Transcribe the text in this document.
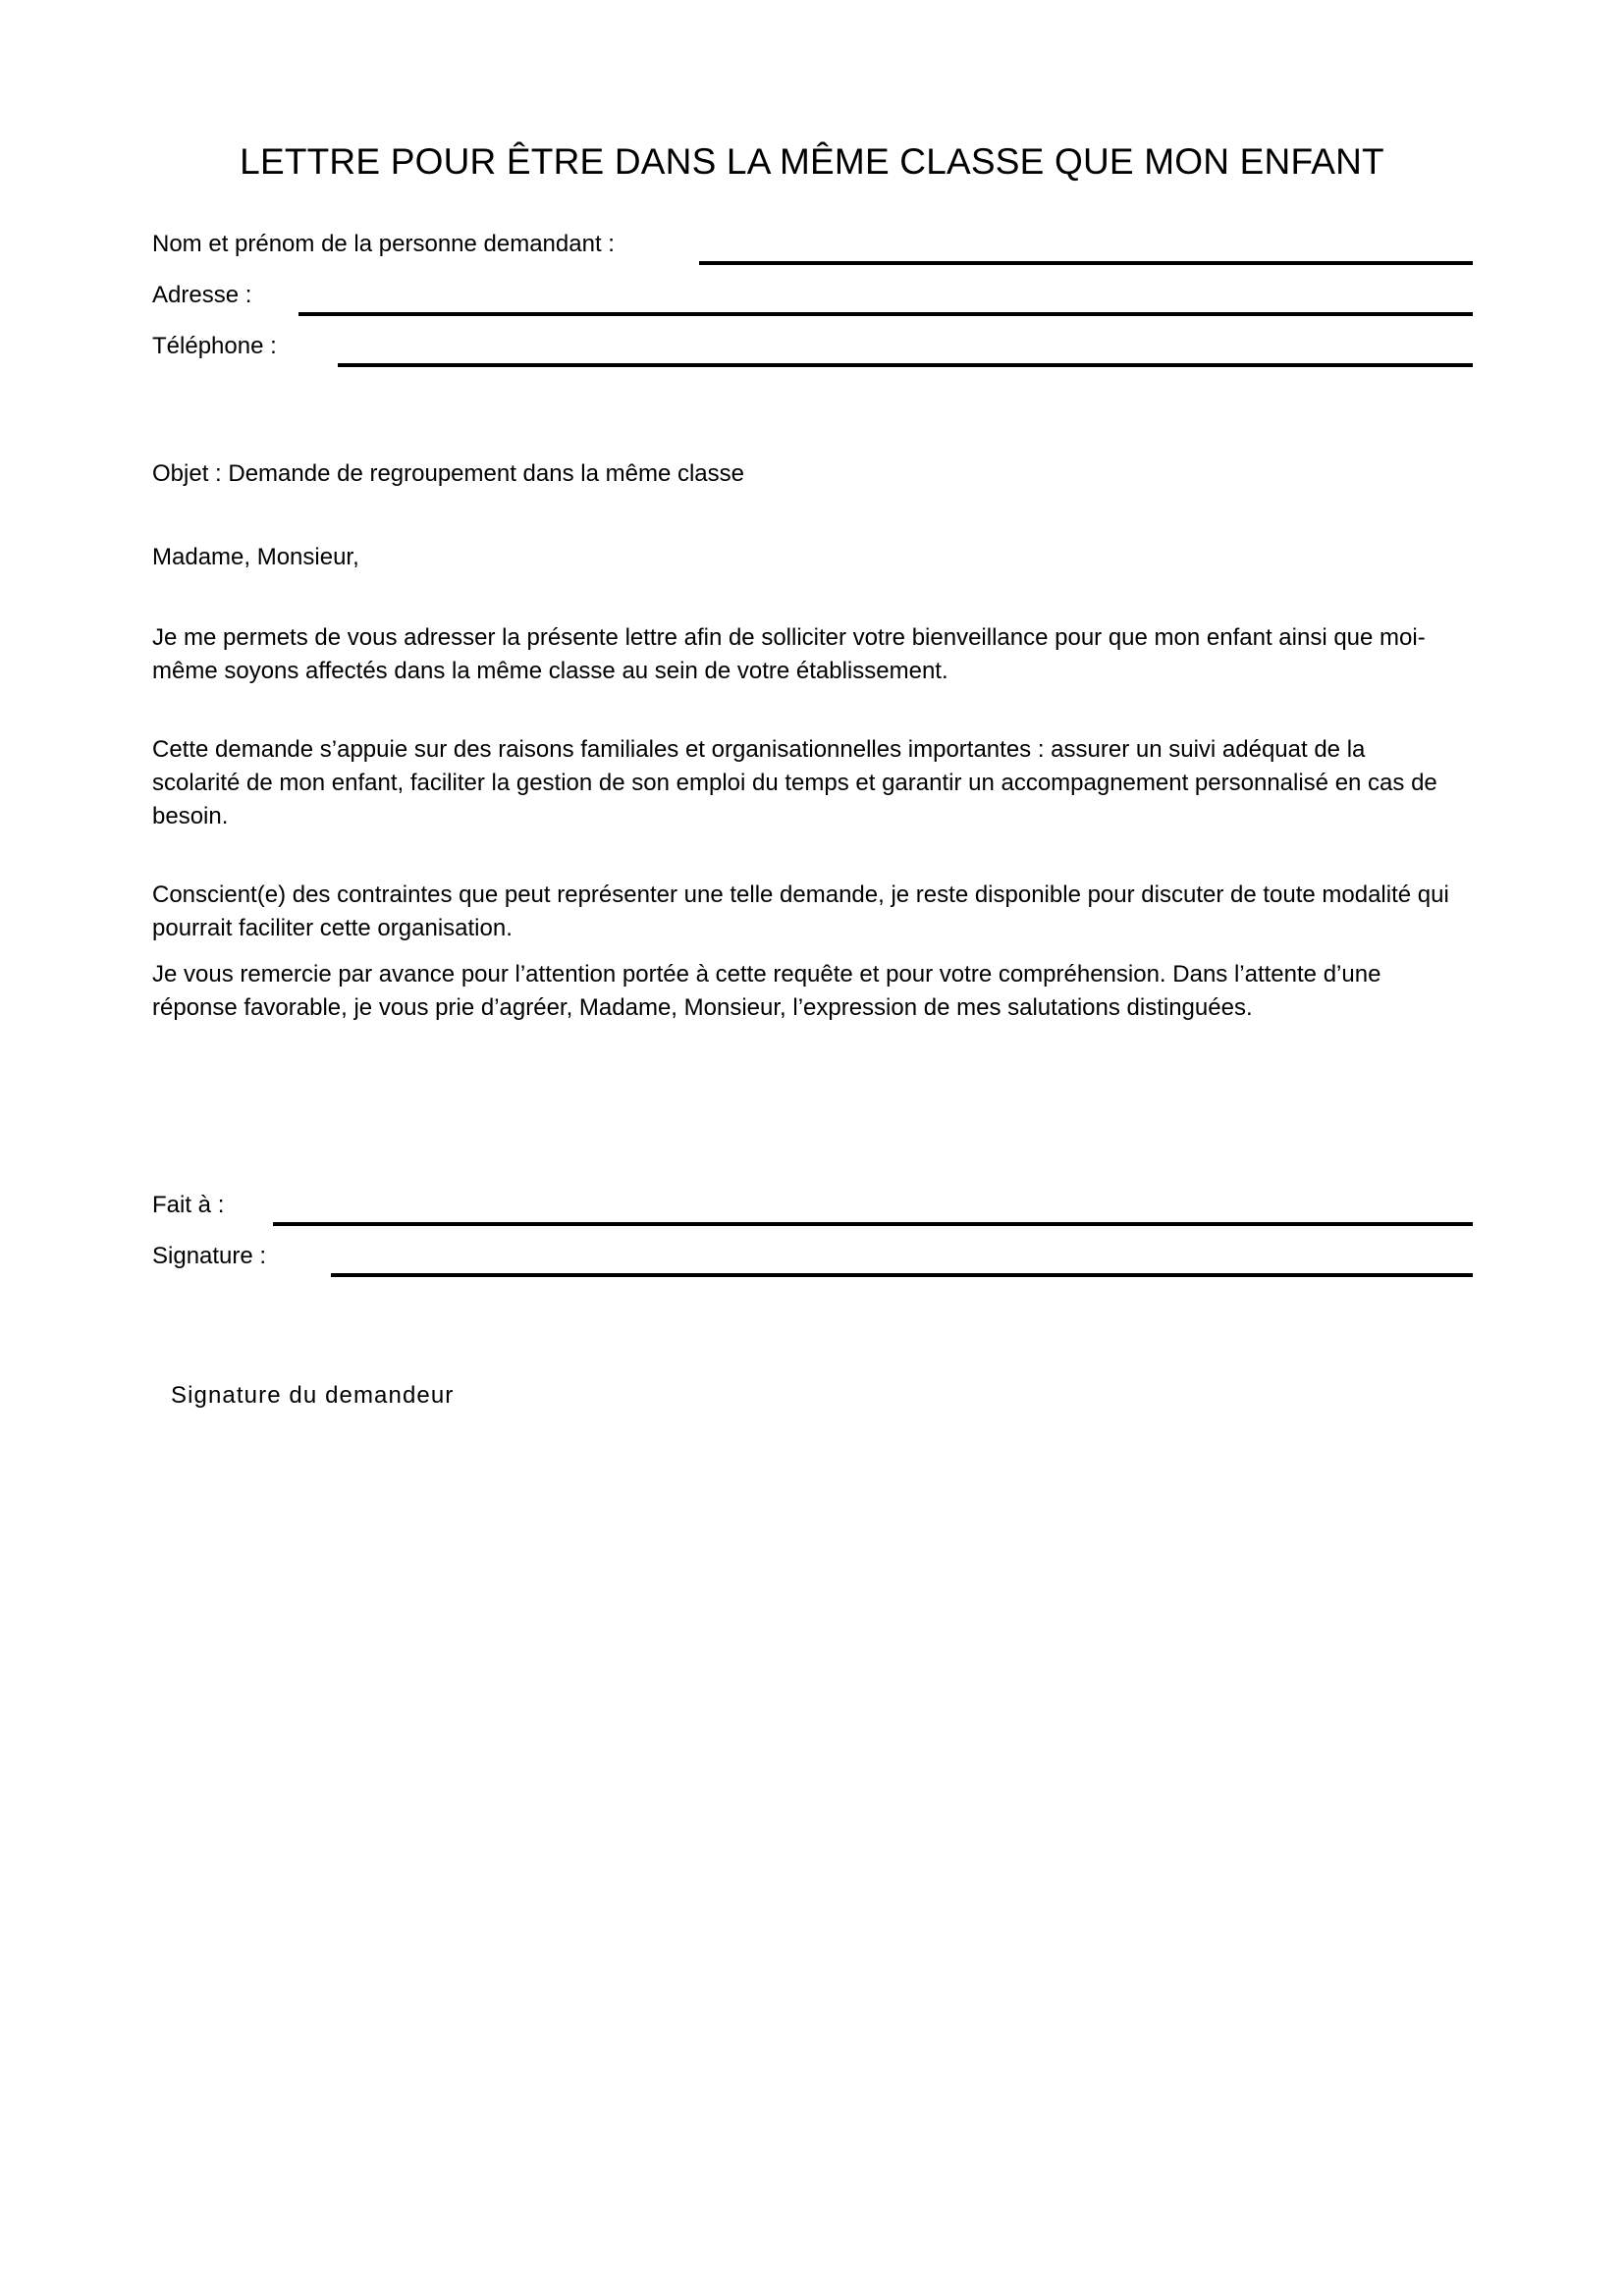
LETTRE POUR ÊTRE DANS LA MÊME CLASSE QUE MON ENFANT
Nom et prénom de la personne demandant :
Adresse :
Téléphone :

Objet : Demande de regroupement dans la même classe

Madame, Monsieur,

Je me permets de vous adresser la présente lettre afin de solliciter votre bienveillance pour que mon enfant ainsi que moi-même soyons affectés dans la même classe au sein de votre établissement.

Cette demande s’appuie sur des raisons familiales et organisationnelles importantes : assurer un suivi adéquat de la scolarité de mon enfant, faciliter la gestion de son emploi du temps et garantir un accompagnement personnalisé en cas de besoin.

Conscient(e) des contraintes que peut représenter une telle demande, je reste disponible pour discuter de toute modalité qui pourrait faciliter cette organisation.

Je vous remercie par avance pour l’attention portée à cette requête et pour votre compréhension. Dans l’attente d’une réponse favorable, je vous prie d’agréer, Madame, Monsieur, l’expression de mes salutations distinguées.

Fait à :
Signature :
Signature du demandeur
